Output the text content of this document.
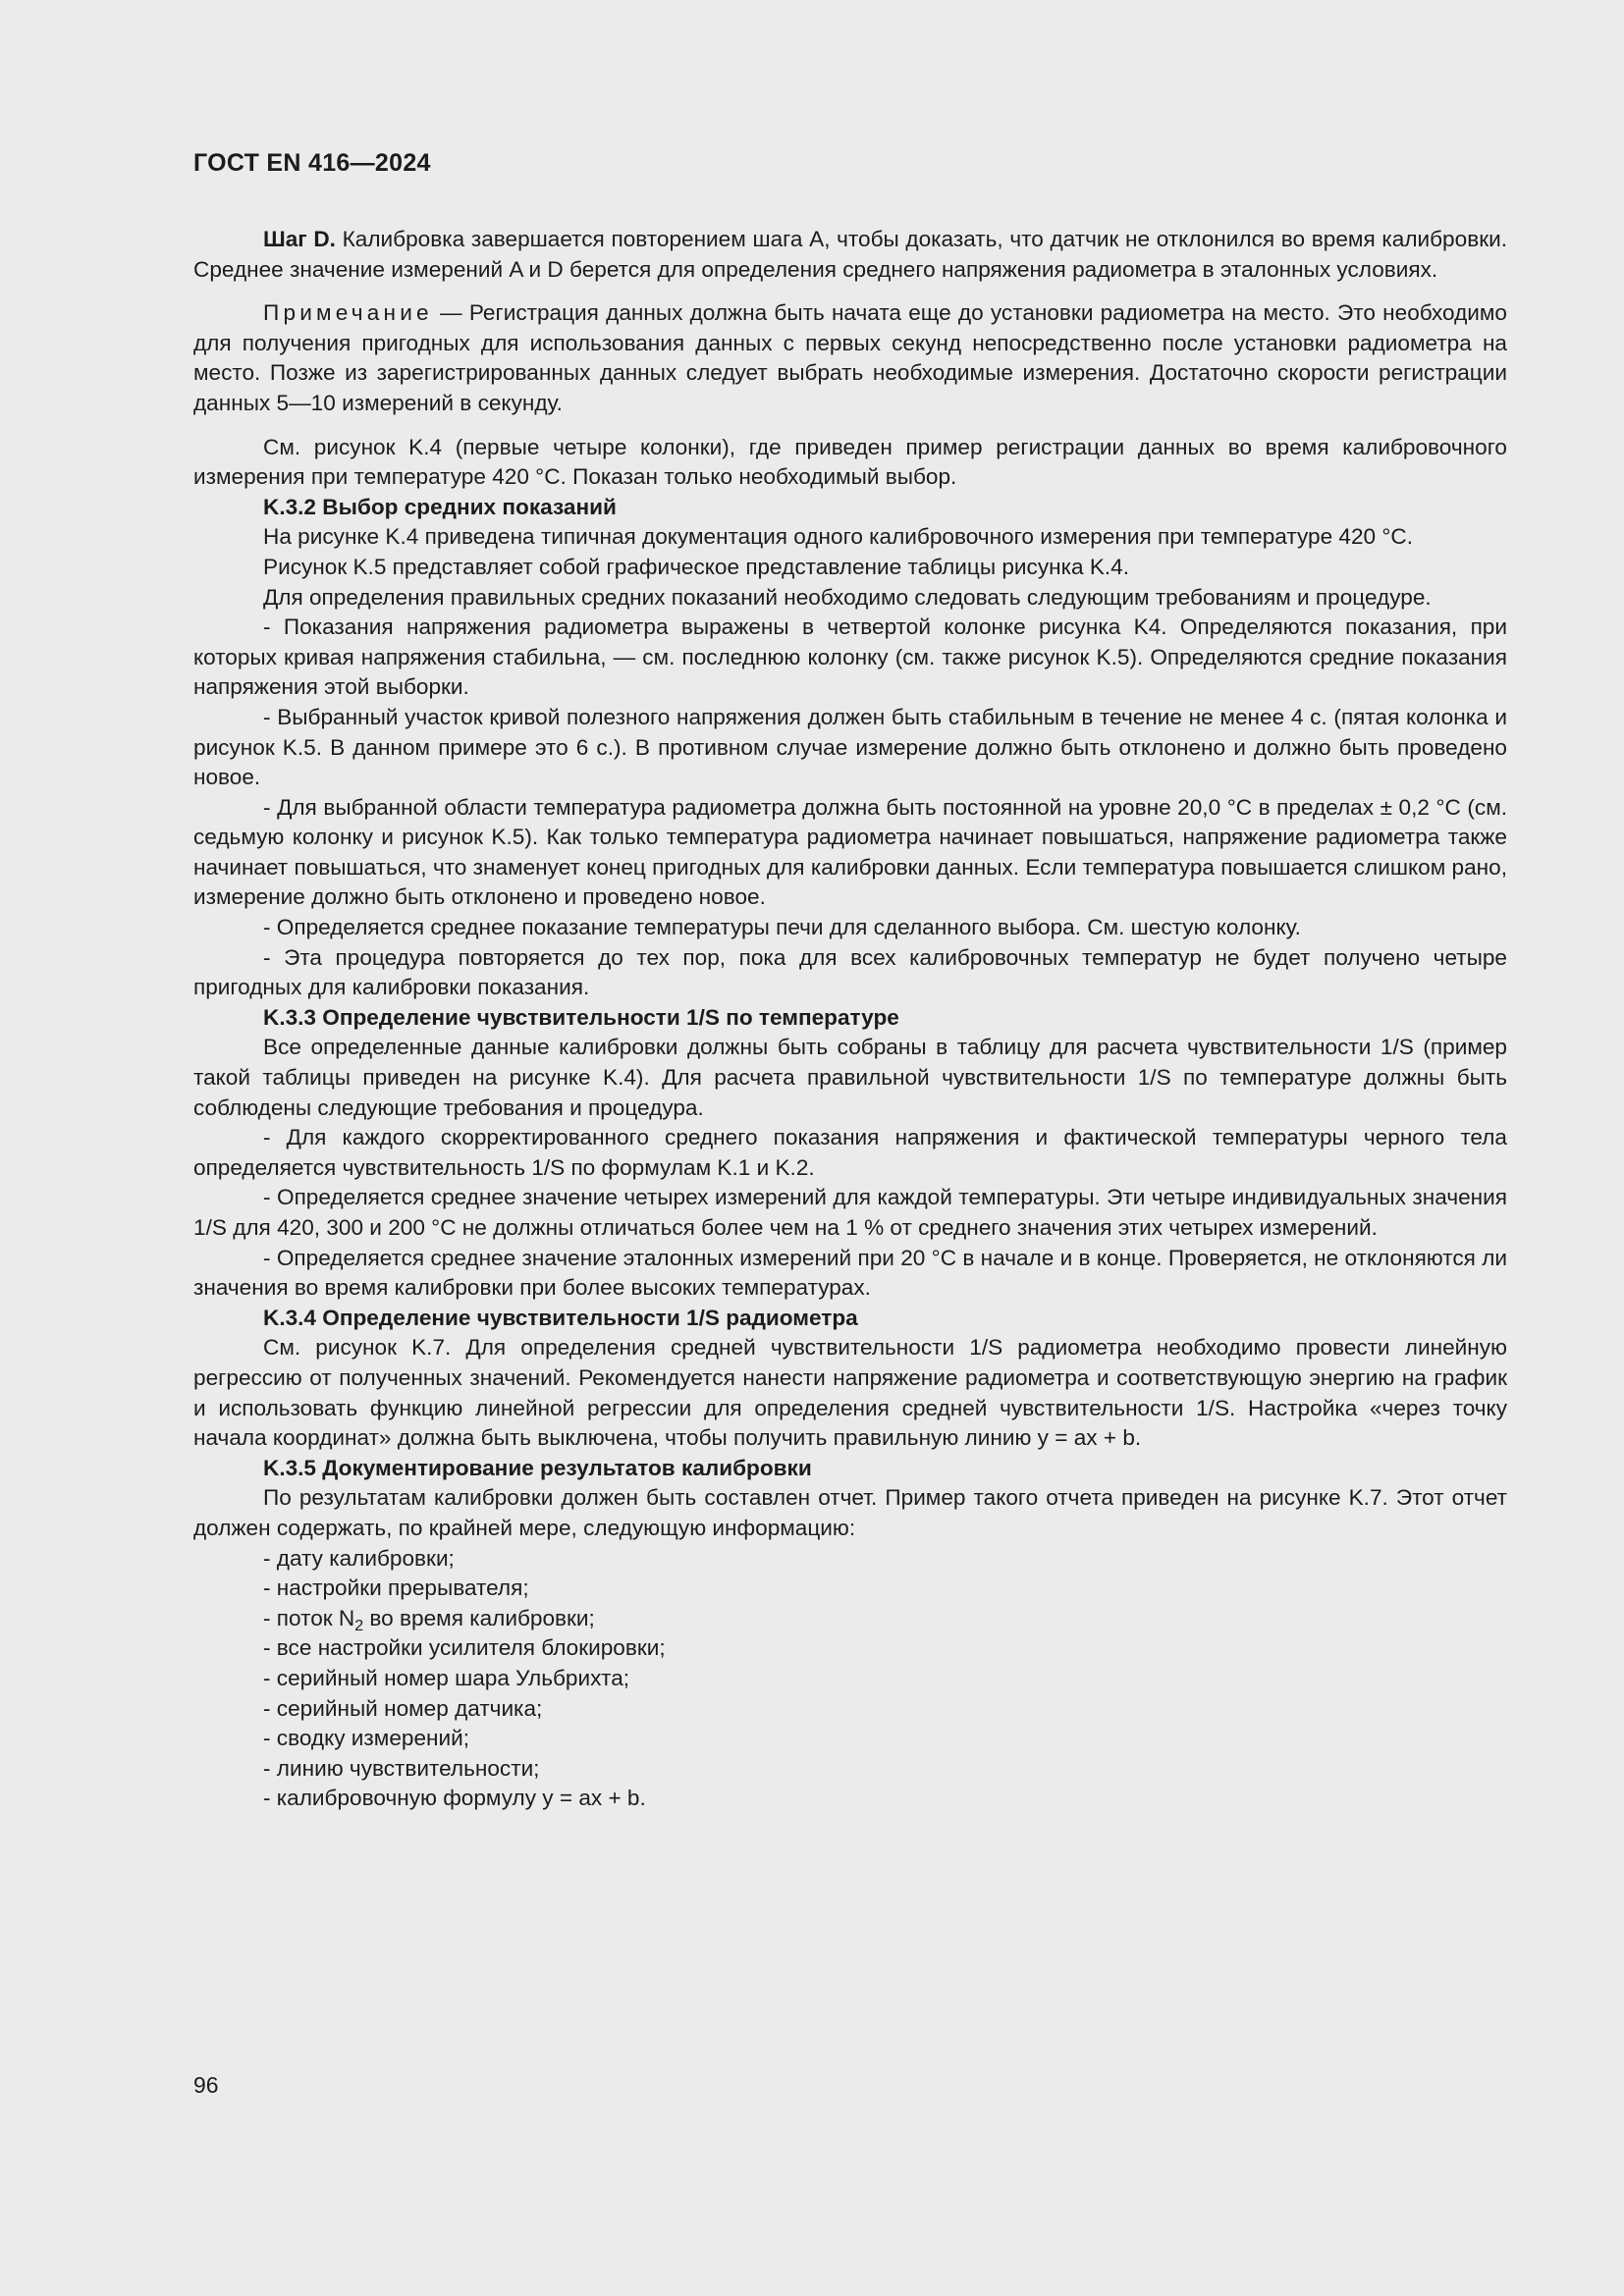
ГОСТ EN 416—2024

Шаг D. Калибровка завершается повторением шага A, чтобы доказать, что датчик не отклонился во время калибровки. Среднее значение измерений A и D берется для определения среднего напряжения радиометра в эталонных условиях.

Примечание — Регистрация данных должна быть начата еще до установки радиометра на место. Это необходимо для получения пригодных для использования данных с первых секунд непосредственно после установки радиометра на место. Позже из зарегистрированных данных следует выбрать необходимые измерения. Достаточно скорости регистрации данных 5—10 измерений в секунду.

См. рисунок K.4 (первые четыре колонки), где приведен пример регистрации данных во время калибровочного измерения при температуре 420 °С. Показан только необходимый выбор.

K.3.2 Выбор средних показаний

На рисунке K.4 приведена типичная документация одного калибровочного измерения при температуре 420 °С.

Рисунок K.5 представляет собой графическое представление таблицы рисунка K.4.

Для определения правильных средних показаний необходимо следовать следующим требованиям и процедуре.

- Показания напряжения радиометра выражены в четвертой колонке рисунка K4. Определяются показания, при которых кривая напряжения стабильна, — см. последнюю колонку (см. также рисунок K.5). Определяются средние показания напряжения этой выборки.

- Выбранный участок кривой полезного напряжения должен быть стабильным в течение не менее 4 с. (пятая колонка и рисунок K.5. В данном примере это 6 с.). В противном случае измерение должно быть отклонено и должно быть проведено новое.

- Для выбранной области температура радиометра должна быть постоянной на уровне 20,0 °С в пределах ± 0,2 °С (см. седьмую колонку и рисунок K.5). Как только температура радиометра начинает повышаться, напряжение радиометра также начинает повышаться, что знаменует конец пригодных для калибровки данных. Если температура повышается слишком рано, измерение должно быть отклонено и проведено новое.

- Определяется среднее показание температуры печи для сделанного выбора. См. шестую колонку.

- Эта процедура повторяется до тех пор, пока для всех калибровочных температур не будет получено четыре пригодных для калибровки показания.

K.3.3 Определение чувствительности 1/S по температуре

Все определенные данные калибровки должны быть собраны в таблицу для расчета чувствительности 1/S (пример такой таблицы приведен на рисунке K.4). Для расчета правильной чувствительности 1/S по температуре должны быть соблюдены следующие требования и процедура.

- Для каждого скорректированного среднего показания напряжения и фактической температуры черного тела определяется чувствительность 1/S по формулам K.1 и K.2.

- Определяется среднее значение четырех измерений для каждой температуры. Эти четыре индивидуальных значения 1/S для 420, 300 и 200 °С не должны отличаться более чем на 1 % от среднего значения этих четырех измерений.

- Определяется среднее значение эталонных измерений при 20 °С в начале и в конце. Проверяется, не отклоняются ли значения во время калибровки при более высоких температурах.

K.3.4 Определение чувствительности 1/S радиометра

См. рисунок K.7. Для определения средней чувствительности 1/S радиометра необходимо провести линейную регрессию от полученных значений. Рекомендуется нанести напряжение радиометра и соответствующую энергию на график и использовать функцию линейной регрессии для определения средней чувствительности 1/S. Настройка «через точку начала координат» должна быть выключена, чтобы получить правильную линию y = ax + b.

K.3.5 Документирование результатов калибровки

По результатам калибровки должен быть составлен отчет. Пример такого отчета приведен на рисунке K.7. Этот отчет должен содержать, по крайней мере, следующую информацию:

- дату калибровки;

- настройки прерывателя;

- поток $N_2$ во время калибровки;

- все настройки усилителя блокировки;

- серийный номер шара Ульбрихта;

- серийный номер датчика;

- сводку измерений;

- линию чувствительности;

- калибровочную формулу y = ax + b.

96
